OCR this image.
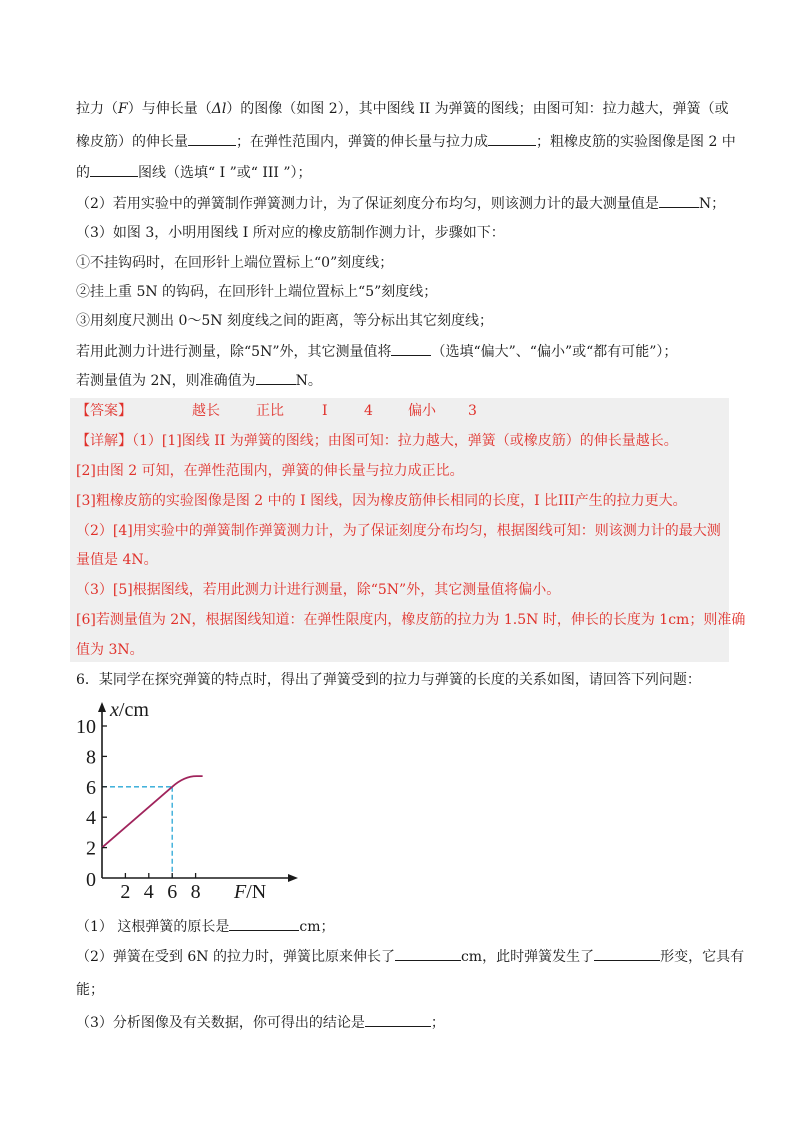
拉力（F）与伸长量（Δl）的图像（如图 2），其中图线 II 为弹簧的图线；由图可知：拉力越大，弹簧（或
橡皮筋）的伸长量	；在弹性范围内，弹簧的伸长量与拉力成	；粗橡皮筋的实验图像是图 2 中
的	图线（选填“ I ”或“ III ”）；
（2）若用实验中的弹簧制作弹簧测力计，为了保证刻度分布均匀，则该测力计的最大测量值是	N；
（3）如图 3，小明用图线 I 所对应的橡皮筋制作测力计，步骤如下：
①不挂钩码时，在回形针上端位置标上“0”刻度线；
②挂上重 5N 的钩码，在回形针上端位置标上“5”刻度线；
③用刻度尺测出 0～5N 刻度线之间的距离，等分标出其它刻度线；
若用此测力计进行测量，除“5N”外，其它测量值将	（选填“偏大”、“偏小”或“都有可能”）；
若测量值为 2N，则准确值为	N。
【答案】	越长	正比	I	4	偏小 3
【详解】（1）[1]图线 II 为弹簧的图线；由图可知：拉力越大，弹簧（或橡皮筋）的伸长量越长。
[2]由图 2 可知，在弹性范围内，弹簧的伸长量与拉力成正比。
[3]粗橡皮筋的实验图像是图 2 中的 I 图线，因为橡皮筋伸长相同的长度，I 比III产生的拉力更大。
（2）[4]用实验中的弹簧制作弹簧测力计，为了保证刻度分布均匀，根据图线可知：则该测力计的最大测
量值是 4N。
（3）[5]根据图线，若用此测力计进行测量，除“5N”外，其它测量值将偏小。
[6]若测量值为 2N，根据图线知道：在弹性限度内，橡皮筋的拉力为 1.5N 时，伸长的长度为 1cm；则准确
值为 3N。
6．某同学在探究弹簧的特点时，得出了弹簧受到的拉力与弹簧的长度的关系如图，请回答下列问题：
2
4
6
8
10
2 4 6 8
0
x/cm
F/N
（1） 这根弹簧的原长是	cm；
（2）弹簧在受到 6N 的拉力时，弹簧比原来伸长了	cm，此时弹簧发生了	形变，它具有
能；
（3）分析图像及有关数据，你可得出的结论是	；
